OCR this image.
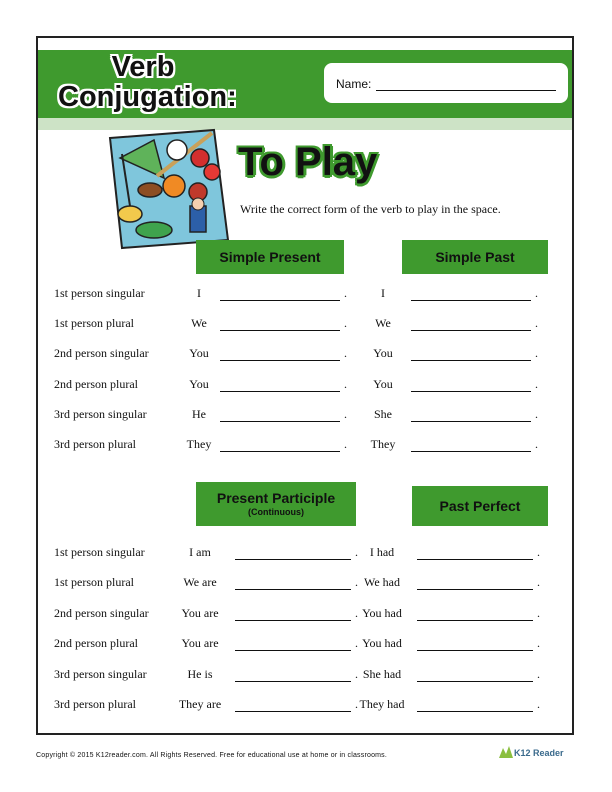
Verb
Conjugation:	Name:
To Play
Write the correct form of the verb to play in the space.
Simple Present	Simple Past
1st person singular	I	.	I	.
1st person plural	We	.	We	.
2nd person singular	You	.	You	.
2nd person plural	You	.	You	.
3rd person singular	He	.	She	.
3rd person plural	They	.	They	.
Present Participle
(Continuous)	Past Perfect
1st person singular	I am	. I had	.
1st person plural	We are	. We had	.
2nd person singular	You are	. You had	.
2nd person plural	You are	. You had	.
3rd person singular	He is	. She had	.
3rd person plural	They are	. They had	.
Copyright © 2015 K12reader.com. All Rights Reserved. Free for educational use at home or in classrooms.	K12 Reader
